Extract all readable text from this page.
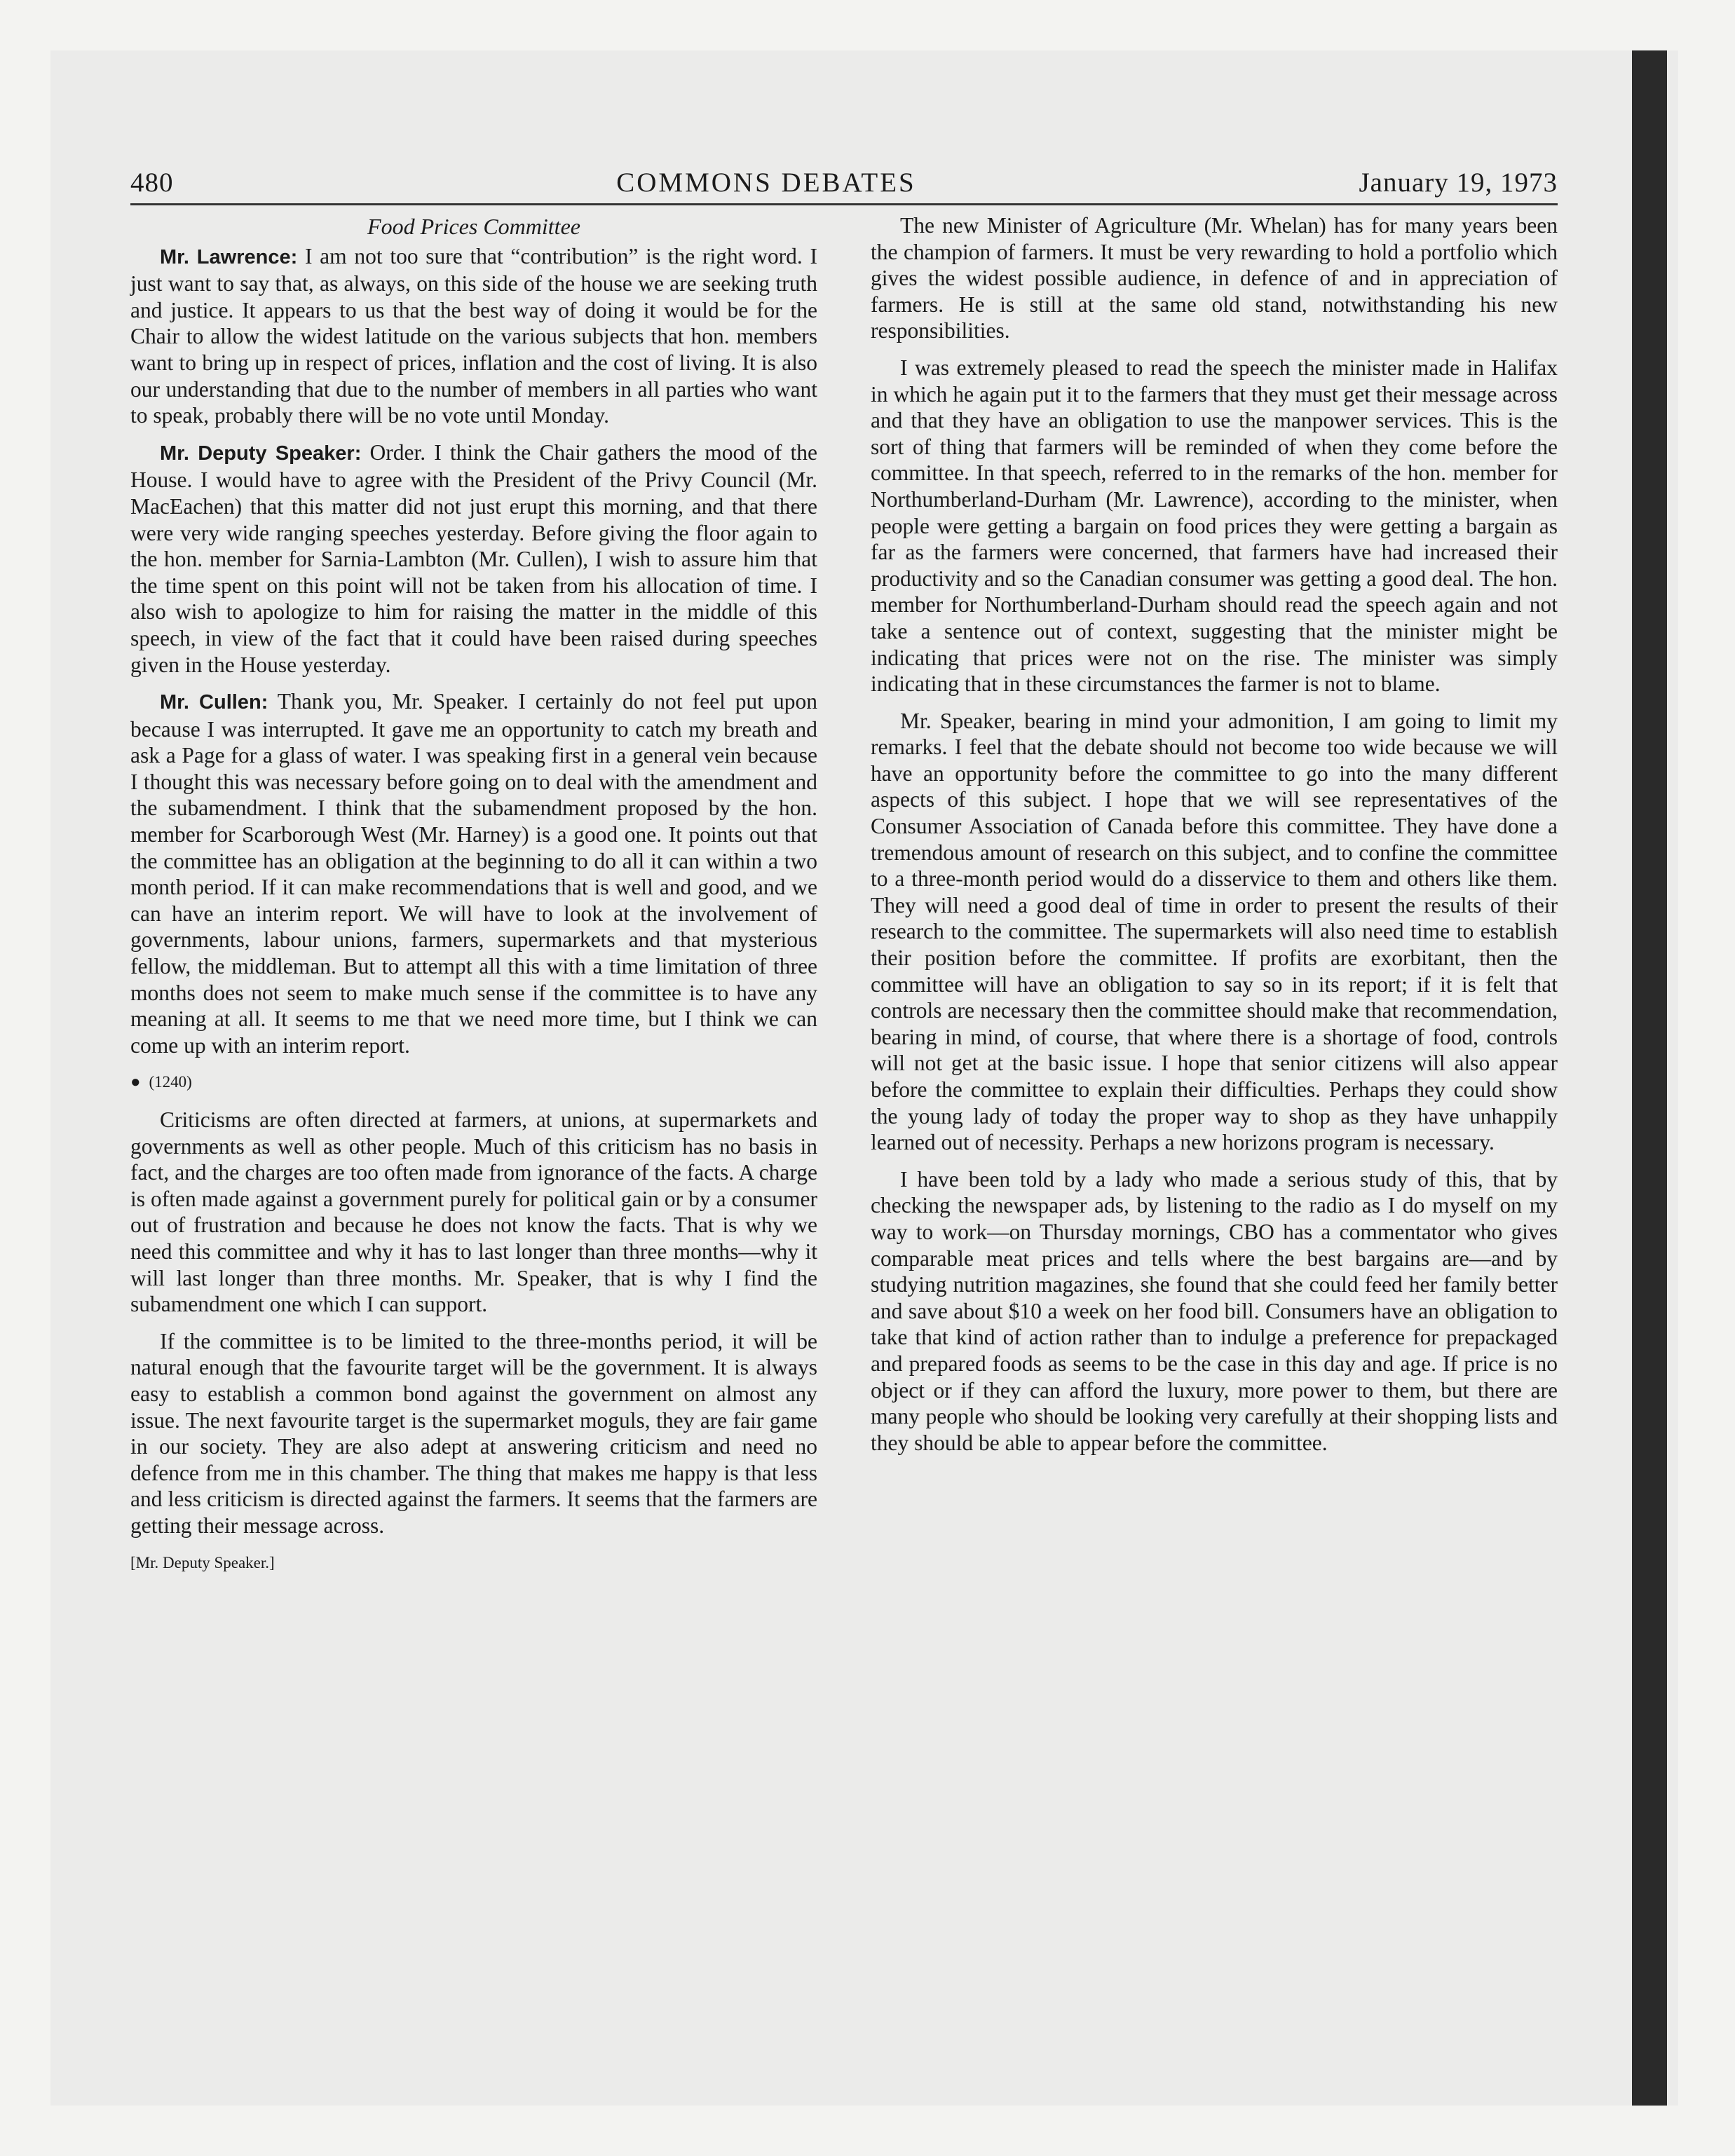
480	COMMONS DEBATES	January 19, 1973
Food Prices Committee

Mr. Lawrence: I am not too sure that “contribution” is the right word. I just want to say that, as always, on this side of the house we are seeking truth and justice. It appears to us that the best way of doing it would be for the Chair to allow the widest latitude on the various subjects that hon. members want to bring up in respect of prices, inflation and the cost of living. It is also our understanding that due to the number of members in all parties who want to speak, probably there will be no vote until Monday.

Mr. Deputy Speaker: Order. I think the Chair gathers the mood of the House. I would have to agree with the President of the Privy Council (Mr. MacEachen) that this matter did not just erupt this morning, and that there were very wide ranging speeches yesterday. Before giving the floor again to the hon. member for Sarnia-Lambton (Mr. Cullen), I wish to assure him that the time spent on this point will not be taken from his allocation of time. I also wish to apologize to him for raising the matter in the middle of this speech, in view of the fact that it could have been raised during speeches given in the House yesterday.

Mr. Cullen: Thank you, Mr. Speaker. I certainly do not feel put upon because I was interrupted. It gave me an opportunity to catch my breath and ask a Page for a glass of water. I was speaking first in a general vein because I thought this was necessary before going on to deal with the amendment and the subamendment. I think that the subamendment proposed by the hon. member for Scarborough West (Mr. Harney) is a good one. It points out that the committee has an obligation at the beginning to do all it can within a two month period. If it can make recommendations that is well and good, and we can have an interim report. We will have to look at the involvement of governments, labour unions, farmers, supermarkets and that mysterious fellow, the middleman. But to attempt all this with a time limitation of three months does not seem to make much sense if the committee is to have any meaning at all. It seems to me that we need more time, but I think we can come up with an interim report.

● (1240)

Criticisms are often directed at farmers, at unions, at supermarkets and governments as well as other people. Much of this criticism has no basis in fact, and the charges are too often made from ignorance of the facts. A charge is often made against a government purely for political gain or by a consumer out of frustration and because he does not know the facts. That is why we need this committee and why it has to last longer than three months—why it will last longer than three months. Mr. Speaker, that is why I find the subamendment one which I can support.

If the committee is to be limited to the three-months period, it will be natural enough that the favourite target will be the government. It is always easy to establish a common bond against the government on almost any issue. The next favourite target is the supermarket moguls, they are fair game in our society. They are also adept at answering criticism and need no defence from me in this chamber. The thing that makes me happy is that less and less criticism is directed against the farmers. It seems that the farmers are getting their message across.

[Mr. Deputy Speaker.]

The new Minister of Agriculture (Mr. Whelan) has for many years been the champion of farmers. It must be very rewarding to hold a portfolio which gives the widest possible audience, in defence of and in appreciation of farmers. He is still at the same old stand, notwithstanding his new responsibilities.

I was extremely pleased to read the speech the minister made in Halifax in which he again put it to the farmers that they must get their message across and that they have an obligation to use the manpower services. This is the sort of thing that farmers will be reminded of when they come before the committee. In that speech, referred to in the remarks of the hon. member for Northumberland-Durham (Mr. Lawrence), according to the minister, when people were getting a bargain on food prices they were getting a bargain as far as the farmers were concerned, that farmers have had increased their productivity and so the Canadian consumer was getting a good deal. The hon. member for Northumberland-Durham should read the speech again and not take a sentence out of context, suggesting that the minister might be indicating that prices were not on the rise. The minister was simply indicating that in these circumstances the farmer is not to blame.

Mr. Speaker, bearing in mind your admonition, I am going to limit my remarks. I feel that the debate should not become too wide because we will have an opportunity before the committee to go into the many different aspects of this subject. I hope that we will see representatives of the Consumer Association of Canada before this committee. They have done a tremendous amount of research on this subject, and to confine the committee to a three-month period would do a disservice to them and others like them. They will need a good deal of time in order to present the results of their research to the committee. The supermarkets will also need time to establish their position before the committee. If profits are exorbitant, then the committee will have an obligation to say so in its report; if it is felt that controls are necessary then the committee should make that recommendation, bearing in mind, of course, that where there is a shortage of food, controls will not get at the basic issue. I hope that senior citizens will also appear before the committee to explain their difficulties. Perhaps they could show the young lady of today the proper way to shop as they have unhappily learned out of necessity. Perhaps a new horizons program is necessary.

I have been told by a lady who made a serious study of this, that by checking the newspaper ads, by listening to the radio as I do myself on my way to work—on Thursday mornings, CBO has a commentator who gives comparable meat prices and tells where the best bargains are—and by studying nutrition magazines, she found that she could feed her family better and save about $10 a week on her food bill. Consumers have an obligation to take that kind of action rather than to indulge a preference for prepackaged and prepared foods as seems to be the case in this day and age. If price is no object or if they can afford the luxury, more power to them, but there are many people who should be looking very carefully at their shopping lists and they should be able to appear before the committee.
